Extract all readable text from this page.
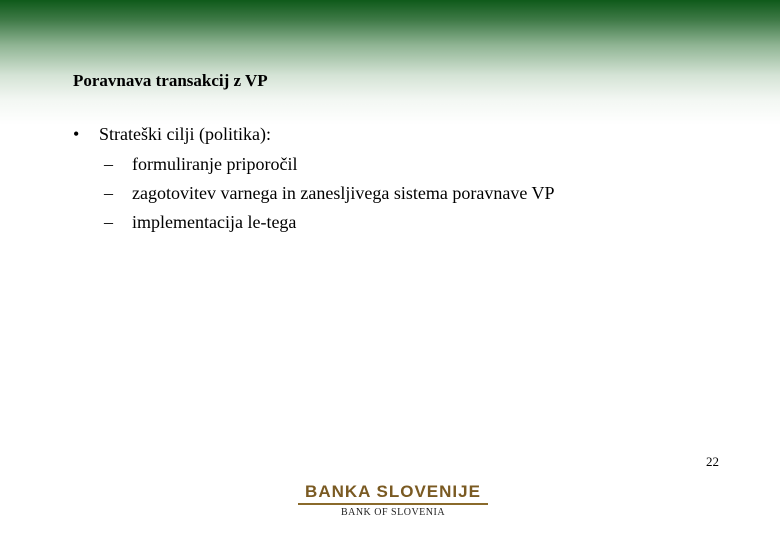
Poravnava transakcij z VP
• Strateški cilji (politika):
– formuliranje priporočil
– zagotovitev varnega in zanesljivega sistema poravnave VP
– implementacija le-tega
22
BANKA SLOVENIJE
BANK OF SLOVENIA
